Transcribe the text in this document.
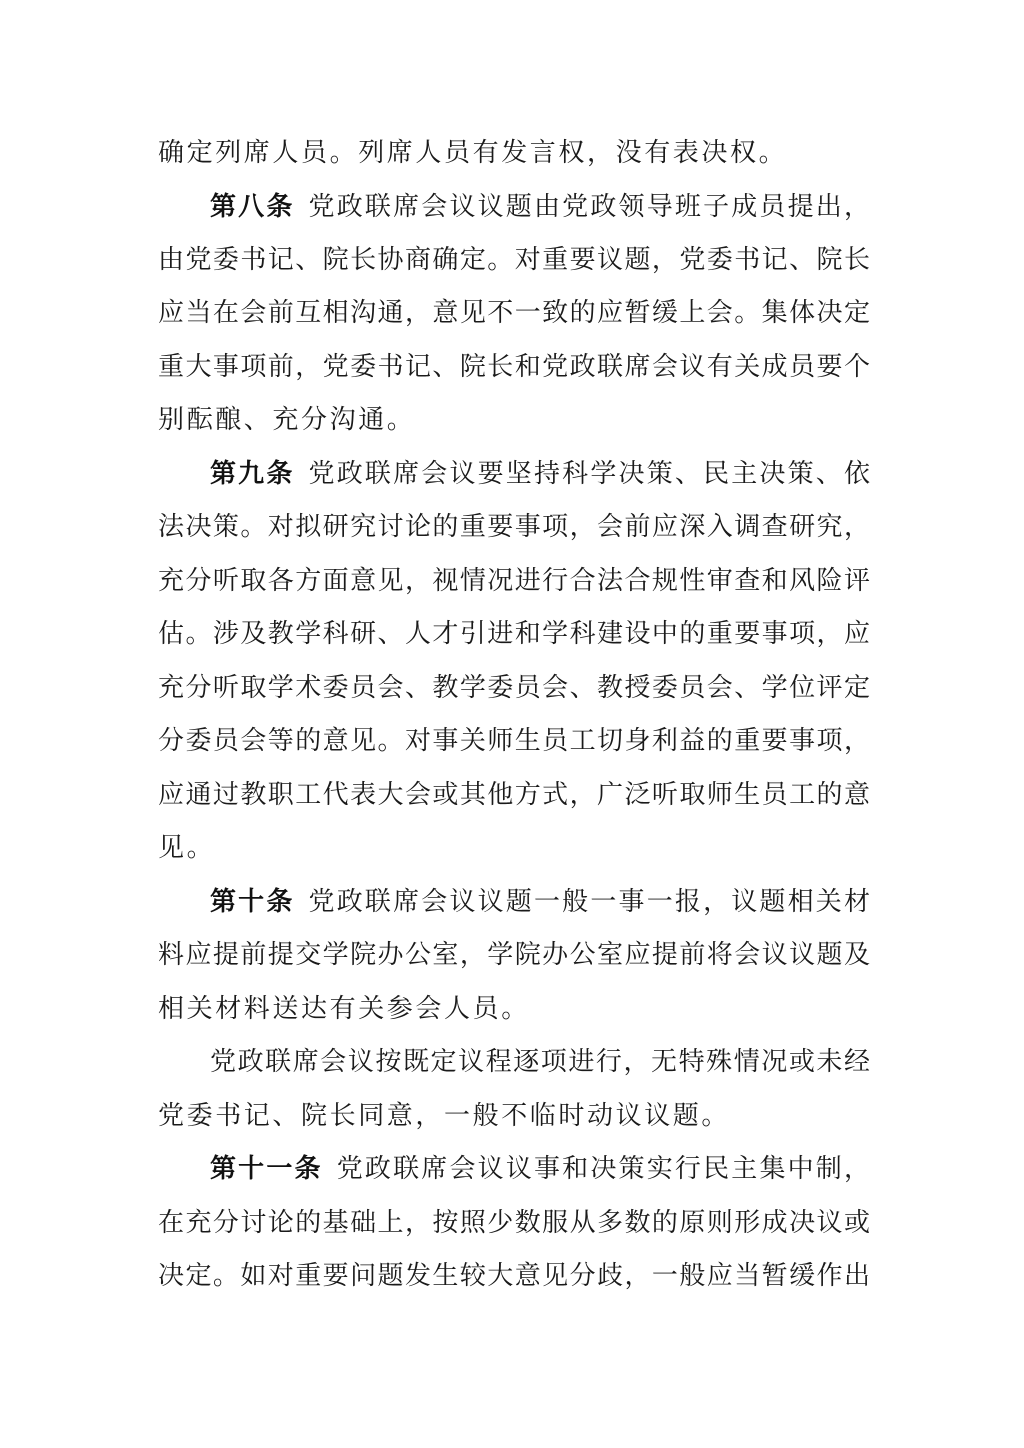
确定列席人员。列席人员有发言权，没有表决权。
第八条 党政联席会议议题由党政领导班子成员提出，
由党委书记、院长协商确定。对重要议题，党委书记、院长
应当在会前互相沟通，意见不一致的应暂缓上会。集体决定
重大事项前，党委书记、院长和党政联席会议有关成员要个
别酝酿、充分沟通。
第九条 党政联席会议要坚持科学决策、民主决策、依
法决策。对拟研究讨论的重要事项，会前应深入调查研究，
充分听取各方面意见，视情况进行合法合规性审查和风险评
估。涉及教学科研、人才引进和学科建设中的重要事项，应
充分听取学术委员会、教学委员会、教授委员会、学位评定
分委员会等的意见。对事关师生员工切身利益的重要事项，
应通过教职工代表大会或其他方式，广泛听取师生员工的意
见。
第十条 党政联席会议议题一般一事一报，议题相关材
料应提前提交学院办公室，学院办公室应提前将会议议题及
相关材料送达有关参会人员。
党政联席会议按既定议程逐项进行，无特殊情况或未经
党委书记、院长同意，一般不临时动议议题。
第十一条 党政联席会议议事和决策实行民主集中制，
在充分讨论的基础上，按照少数服从多数的原则形成决议或
决定。如对重要问题发生较大意见分歧，一般应当暂缓作出
